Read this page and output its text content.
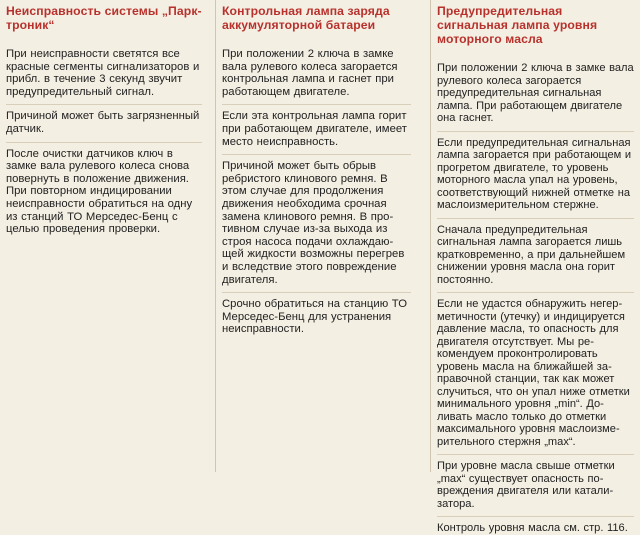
Неисправность системы „Парктроник“

При неисправности светятся все красные сегменты сигнализаторов и прибл. в течение 3 секунд звучит предупредительный сигнал.

Причиной может быть загрязненный датчик.

После очистки датчиков ключ в замке вала рулевого колеса снова повернуть в положение движения. При повторном индицировании неисправности обратиться на одну из станций ТО Мерседес-Бенц с целью проведения проверки.

Контрольная лампа заряда аккумуляторной батареи

При положении 2 ключа в замке вала рулевого колеса загорается контрольная лампа и гаснет при работающем двигателе.

Если эта контрольная лампа горит при работающем двигателе, имеет место неисправность.

Причиной может быть обрыв ребристого клинового ремня. В этом случае для продолжения движения необходима срочная замена клинового ремня. В противном случае из-за выхода из строя насоса подачи охлаждающей жидкости возможны перегрев и вследствие этого повреждение двигателя.

Срочно обратиться на станцию ТО Мерседес-Бенц для устранения неисправности.

Предупредительная сигнальная лампа уровня моторного масла

При положении 2 ключа в замке вала рулевого колеса загорается предупредительная сигнальная лампа. При работающем двигателе она гаснет.

Если предупредительная сигнальная лампа загорается при работающем и прогретом двигателе, то уровень моторного масла упал на уровень, соответствующий нижней отметке на маслоизмерительном стержне.

Сначала предупредительная сигнальная лампа загорается лишь кратковременно, а при дальнейшем снижении уровня масла она горит постоянно.

Если не удастся обнаружить негерметичности (утечку) и индицируется давление масла, то опасность для двигателя отсутствует. Мы рекомендуем проконтролировать уровень масла на ближайшей заправочной станции, так как может случиться, что он упал ниже отметки минимального уровня „min“. Доливать масло только до отметки максимального уровня маслоизмерительного стержня „max“.

При уровне масла свыше отметки „max“ существует опасность повреждения двигателя или катализатора.

Контроль уровня масла см. стр. 116.
